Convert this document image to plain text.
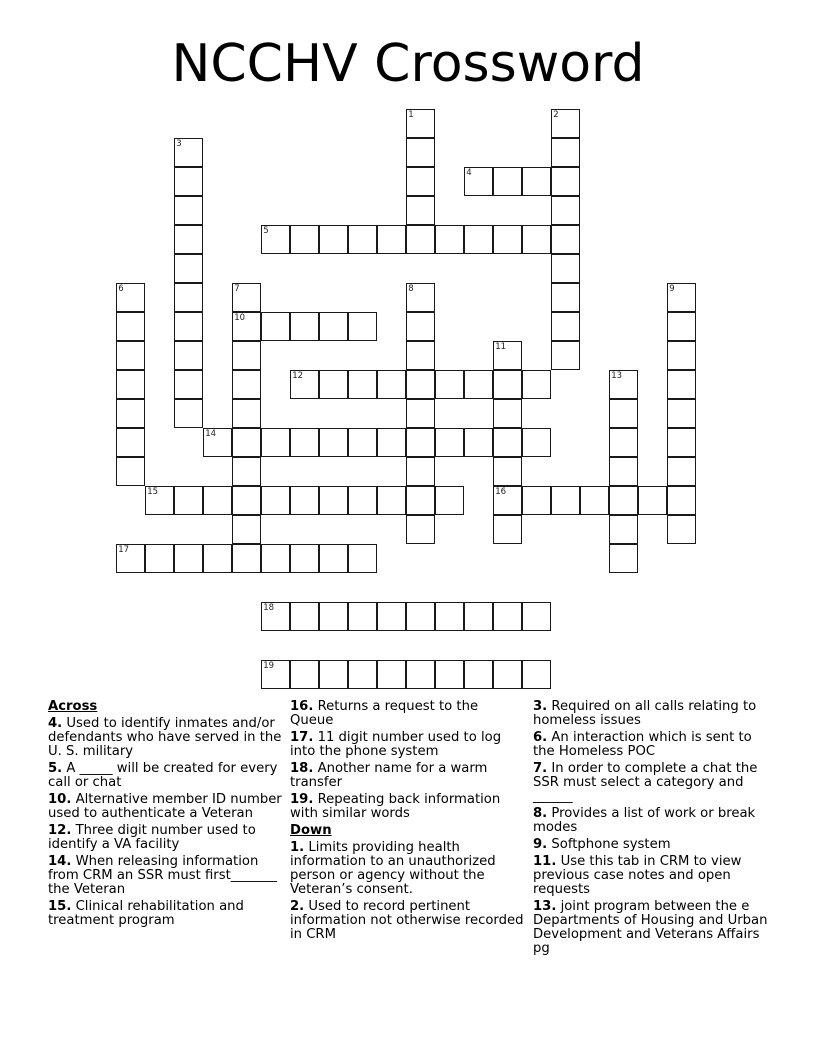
NCCHV Crossword
1	2
3
4
5
6	7
10
8	9
11
16
12	13
14
15
17
18
19
Across
4. Used to identify inmates and/or defendants who have served in the U. S. military
5. A _____ will be created for every call or chat
10. Alternative member ID number used to authenticate a Veteran
12. Three digit number used to identify a VA facility
14. When releasing information from CRM an SSR must first_______ the Veteran
15. Clinical rehabilitation and treatment program
16. Returns a request to the Queue
17. 11 digit number used to log into the phone system
18. Another name for a warm transfer
19. Repeating back information with similar words
Down
1. Limits providing health information to an unauthorized person or agency without the Veteran’s consent.
2. Used to record pertinent information not otherwise recorded in CRM
3. Required on all calls relating to homeless issues
6. An interaction which is sent to the Homeless POC
7. In order to complete a chat the SSR must select a category and ______
8. Provides a list of work or break modes
9. Softphone system
11. Use this tab in CRM to view previous case notes and open requests
13. joint program between the e Departments of Housing and Urban Development and Veterans Affairs pg
